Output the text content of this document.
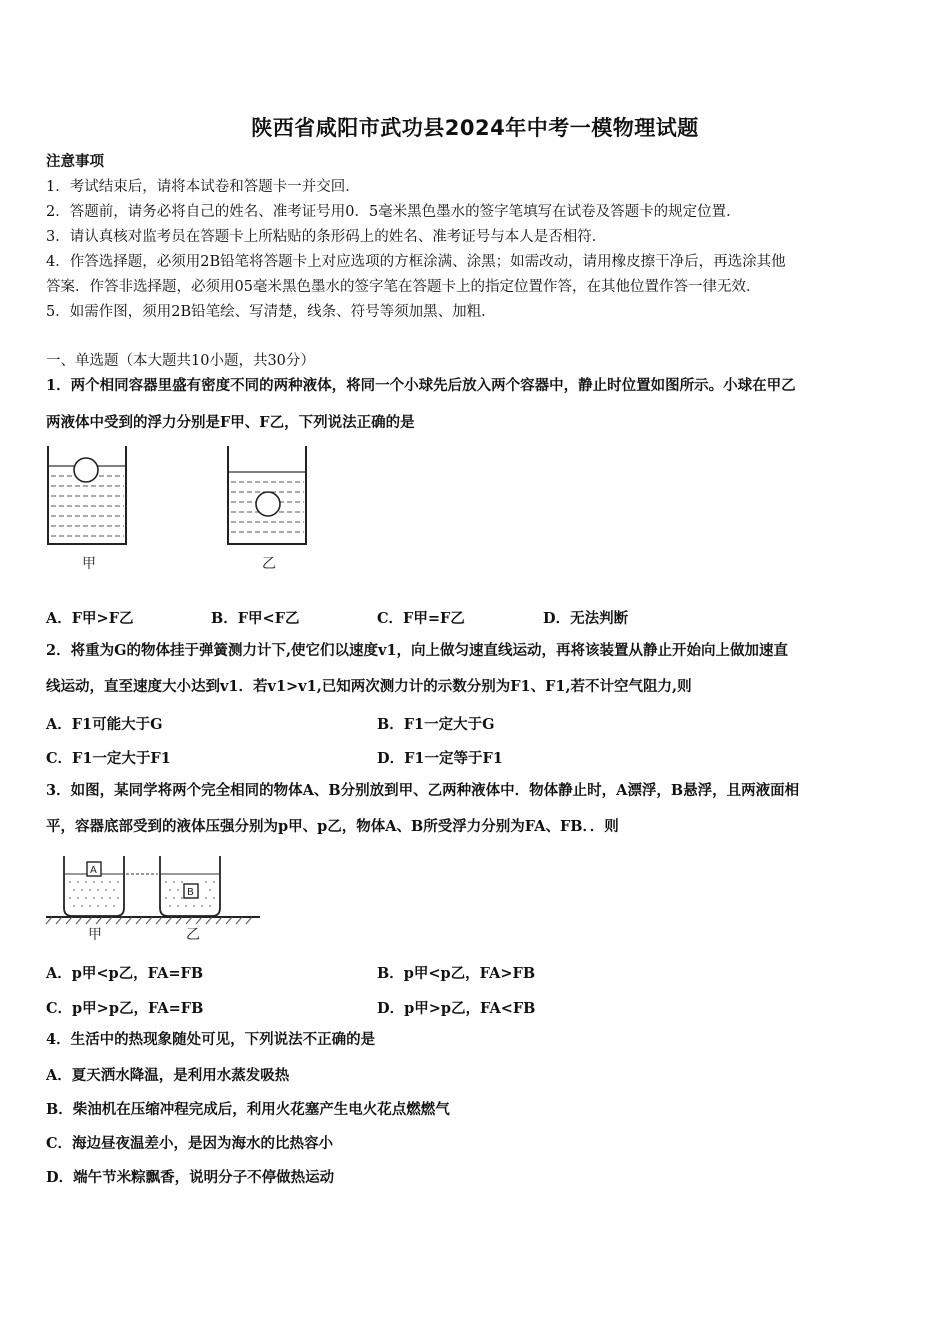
陕西省咸阳市武功县2024年中考一模物理试题
注意事项
1．考试结束后，请将本试卷和答题卡一并交回．
2．答题前，请务必将自己的姓名、准考证号用0．5毫米黑色墨水的签字笔填写在试卷及答题卡的规定位置．
3．请认真核对监考员在答题卡上所粘贴的条形码上的姓名、准考证号与本人是否相符．
4．作答选择题，必须用2B铅笔将答题卡上对应选项的方框涂满、涂黑；如需改动，请用橡皮擦干净后，再选涂其他
答案．作答非选择题，必须用05毫米黑色墨水的签字笔在答题卡上的指定位置作答，在其他位置作答一律无效．
5．如需作图，须用2B铅笔绘、写清楚，线条、符号等须加黑、加粗．
一、单选题（本大题共10小题，共30分）
1．两个相同容器里盛有密度不同的两种液体，将同一个小球先后放入两个容器中，静止时位置如图所示。小球在甲乙
两液体中受到的浮力分别是F甲、F乙，下列说法正确的是
甲	乙
A．F甲>F乙	B．F甲<F乙	C．F甲=F乙	D．无法判断
2．将重为G的物体挂于弹簧测力计下,使它们以速度v1，向上做匀速直线运动，再将该装置从静止开始向上做加速直
线运动，直至速度大小达到v1．若v1>v1,已知两次测力计的示数分别为F1、F1,若不计空气阻力,则
A．F1可能大于G	B．F1一定大于G
C．F1一定大于F1	D．F1一定等于F1
3．如图，某同学将两个完全相同的物体A、B分别放到甲、乙两种液体中．物体静止时，A漂浮，B悬浮，且两液面相
平，容器底部受到的液体压强分别为p甲、p乙，物体A、B所受浮力分别为FA、FB．．则
A
甲
B
乙
A．p甲<p乙，FA=FB	B．p甲<p乙，FA>FB
C．p甲>p乙，FA=FB	D．p甲>p乙，FA<FB
4．生活中的热现象随处可见，下列说法不正确的是
A．夏天洒水降温，是利用水蒸发吸热
B．柴油机在压缩冲程完成后，利用火花塞产生电火花点燃燃气
C．海边昼夜温差小，是因为海水的比热容小
D．端午节米粽飘香，说明分子不停做热运动
